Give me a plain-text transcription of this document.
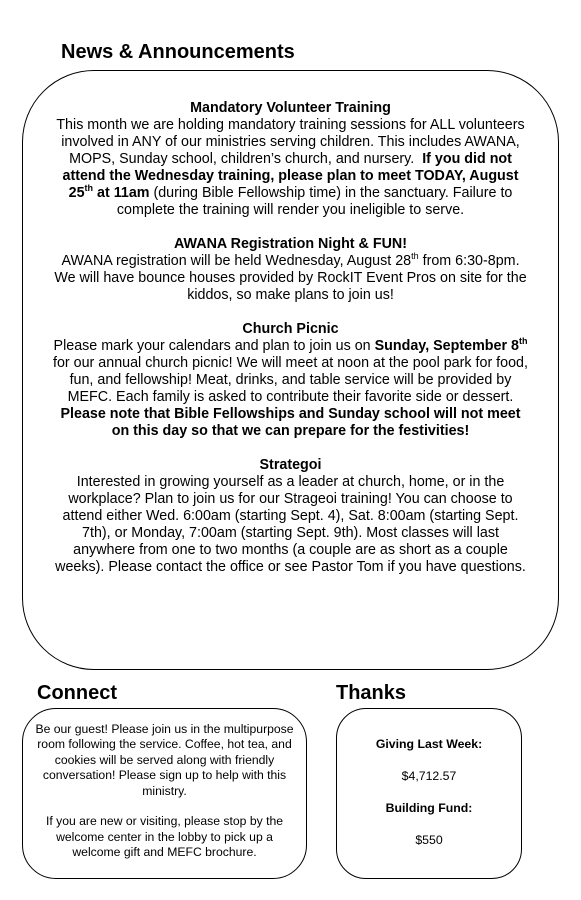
News & Announcements
Mandatory Volunteer Training

This month we are holding mandatory training sessions for ALL volunteers involved in ANY of our ministries serving children. This includes AWANA, MOPS, Sunday school, children’s church, and nursery. If you did not attend the Wednesday training, please plan to meet TODAY, August 25th at 11am (during Bible Fellowship time) in the sanctuary. Failure to complete the training will render you ineligible to serve.

AWANA Registration Night & FUN!

AWANA registration will be held Wednesday, August 28th from 6:30-8pm. We will have bounce houses provided by RockIT Event Pros on site for the kiddos, so make plans to join us!

Church Picnic

Please mark your calendars and plan to join us on Sunday, September 8th for our annual church picnic! We will meet at noon at the pool park for food, fun, and fellowship! Meat, drinks, and table service will be provided by MEFC. Each family is asked to contribute their favorite side or dessert. Please note that Bible Fellowships and Sunday school will not meet on this day so that we can prepare for the festivities!

Strategoi

Interested in growing yourself as a leader at church, home, or in the workplace? Plan to join us for our Strageoi training! You can choose to attend either Wed. 6:00am (starting Sept. 4), Sat. 8:00am (starting Sept. 7th), or Monday, 7:00am (starting Sept. 9th). Most classes will last anywhere from one to two months (a couple are as short as a couple weeks). Please contact the office or see Pastor Tom if you have questions.

Connect

Be our guest! Please join us in the multipurpose room following the service. Coffee, hot tea, and cookies will be served along with friendly conversation! Please sign up to help with this ministry.

If you are new or visiting, please stop by the welcome center in the lobby to pick up a welcome gift and MEFC brochure.

Thanks

Giving Last Week:

$4,712.57

Building Fund:

$550
